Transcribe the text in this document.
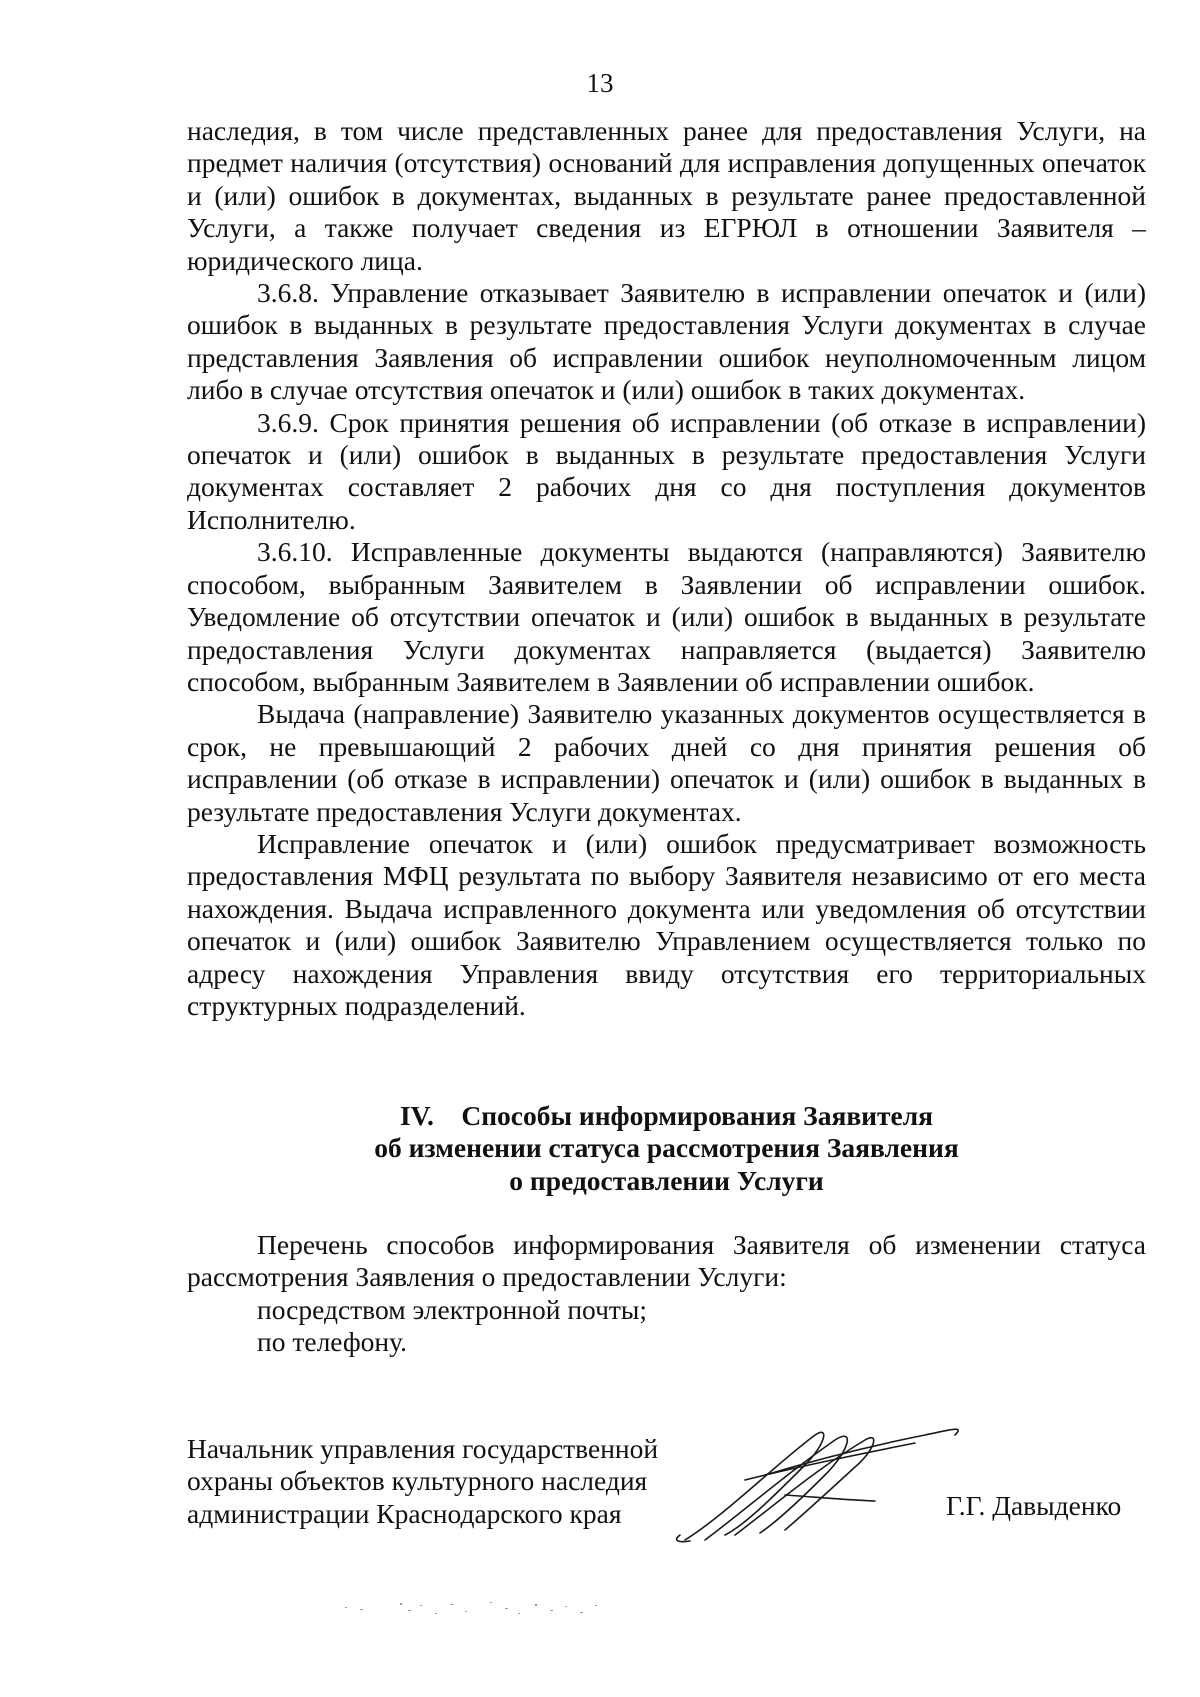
13

наследия, в том числе представленных ранее для предоставления Услуги, на предмет наличия (отсутствия) оснований для исправления допущенных опечаток и (или) ошибок в документах, выданных в результате ранее предоставленной Услуги, а также получает сведения из ЕГРЮЛ в отношении Заявителя – юридического лица.

3.6.8. Управление отказывает Заявителю в исправлении опечаток и (или) ошибок в выданных в результате предоставления Услуги документах в случае представления Заявления об исправлении ошибок неуполномоченным лицом либо в случае отсутствия опечаток и (или) ошибок в таких документах.

3.6.9. Срок принятия решения об исправлении (об отказе в исправлении) опечаток и (или) ошибок в выданных в результате предоставления Услуги документах составляет 2 рабочих дня со дня поступления документов Исполнителю.

3.6.10. Исправленные документы выдаются (направляются) Заявителю способом, выбранным Заявителем в Заявлении об исправлении ошибок. Уведомление об отсутствии опечаток и (или) ошибок в выданных в результате предоставления Услуги документах направляется (выдается) Заявителю способом, выбранным Заявителем в Заявлении об исправлении ошибок.

Выдача (направление) Заявителю указанных документов осуществляется в срок, не превышающий 2 рабочих дней со дня принятия решения об исправлении (об отказе в исправлении) опечаток и (или) ошибок в выданных в результате предоставления Услуги документах.

Исправление опечаток и (или) ошибок предусматривает возможность предоставления МФЦ результата по выбору Заявителя независимо от его места нахождения. Выдача исправленного документа или уведомления об отсутствии опечаток и (или) ошибок Заявителю Управлением осуществляется только по адресу нахождения Управления ввиду отсутствия его территориальных структурных подразделений.

IV.    Способы информирования Заявителя
об изменении статуса рассмотрения Заявления
о предоставлении Услуги

Перечень способов информирования Заявителя об изменении статуса рассмотрения Заявления о предоставлении Услуги:

посредством электронной почты;
по телефону.
Начальник управления государственной
охраны объектов культурного наследия
администрации Краснодарского края	Г.Г. Давыденко
